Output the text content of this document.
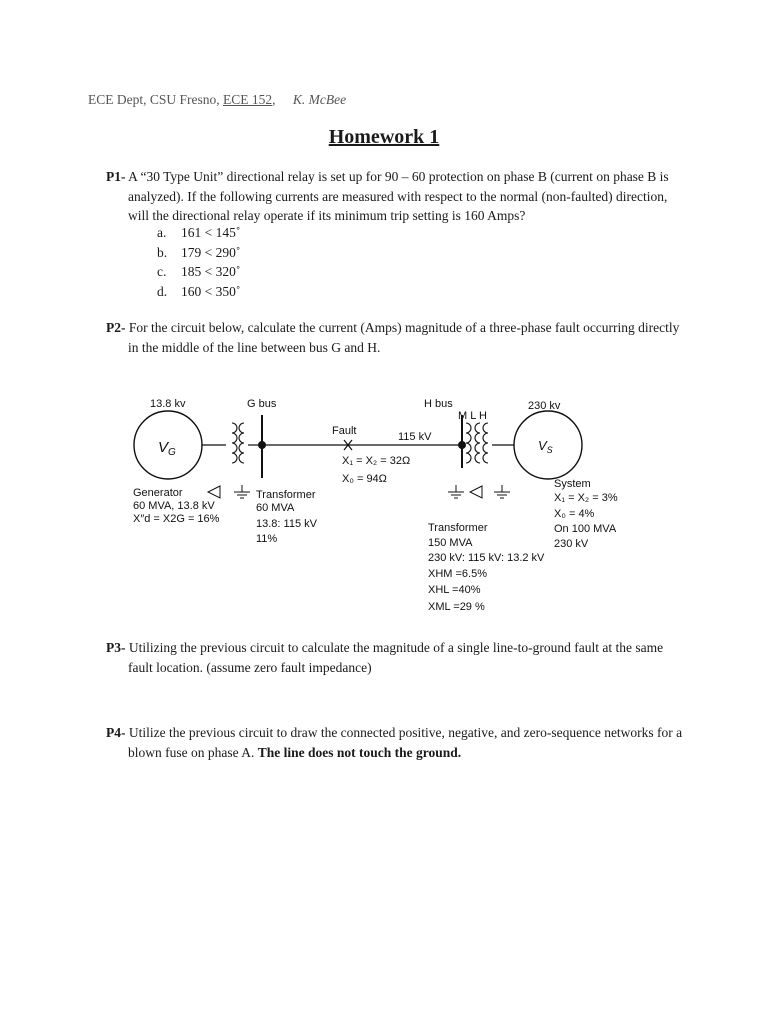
ECE Dept, CSU Fresno, ECE 152, K. McBee
Homework 1
P1- A “30 Type Unit” directional relay is set up for 90 – 60 protection on phase B (current on phase B is analyzed). If the following currents are measured with respect to the normal (non-faulted) direction, will the directional relay operate if its minimum trip setting is 160 Amps?
a. 161 < 145˚
b. 179 < 290˚
c. 185 < 320˚
d. 160 < 350˚
P2- For the circuit below, calculate the current (Amps) magnitude of a three-phase fault occurring directly in the middle of the line between bus G and H.
$V_G$
13.8 kv	G bus
Fault	115 kV
X₁ = X₂ = 32Ω
X₀ = 94Ω
H bus
M L H
$V_S$
230 kv
Generator
60 MVA, 13.8 kV
X″d = X2G = 16%
Transformer
60 MVA
13.8: 115 kV
11%
Transformer
150 MVA
230 kV: 115 kV: 13.2 kV
XHM =6.5%
XHL =40%
XML =29 %
System
X₁ = X₂ = 3%
X₀ = 4%
On 100 MVA
230 kV
P3- Utilizing the previous circuit to calculate the magnitude of a single line-to-ground fault at the same fault location. (assume zero fault impedance)
P4- Utilize the previous circuit to draw the connected positive, negative, and zero-sequence networks for a blown fuse on phase A. The line does not touch the ground.
